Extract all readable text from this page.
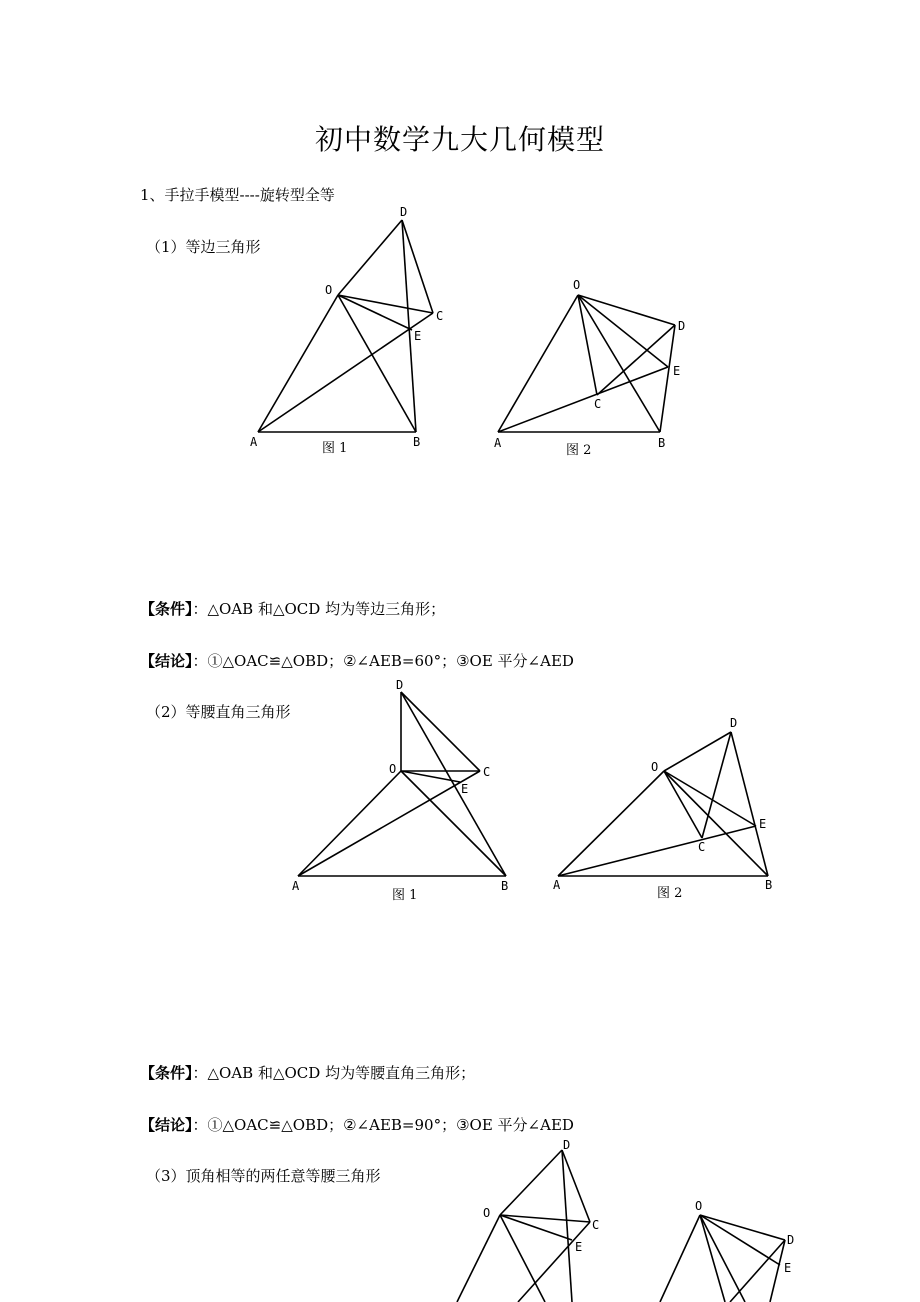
初中数学九大几何模型
1、手拉手模型----旋转型全等
（1）等边三角形
A	B
O
D
C
E
图 1	A	B
O
D
C
E
图 2
A	B
O
D
C
E
图 1
A	B
O
D
C
E
图 2
O
D
C
E
O
D
E
【条件】：△OAB 和△OCD 均为等边三角形；
【结论】：①△OAC≌△OBD；②∠AEB=60°；③OE 平分∠AED
（2）等腰直角三角形
【条件】：△OAB 和△OCD 均为等腰直角三角形；
【结论】：①△OAC≌△OBD；②∠AEB=90°；③OE 平分∠AED
（3）顶角相等的两任意等腰三角形
